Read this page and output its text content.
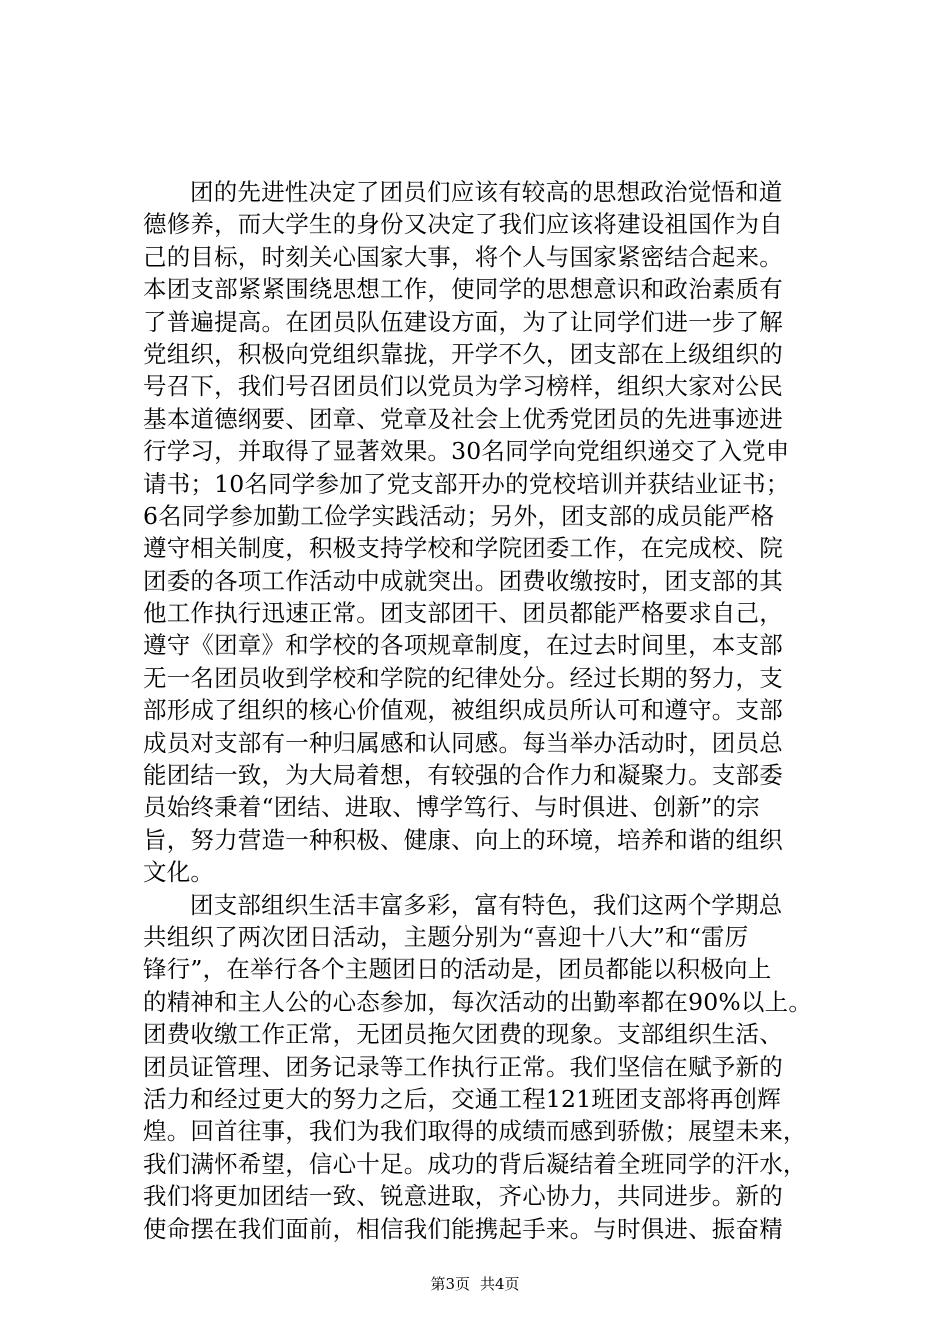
团的先进性决定了团员们应该有较高的思想政治觉悟和道
德修养，而大学生的身份又决定了我们应该将建设祖国作为自
己的目标，时刻关心国家大事，将个人与国家紧密结合起来。
本团支部紧紧围绕思想工作，使同学的思想意识和政治素质有
了普遍提高。在团员队伍建设方面，为了让同学们进一步了解
党组织，积极向党组织靠拢，开学不久，团支部在上级组织的
号召下，我们号召团员们以党员为学习榜样，组织大家对公民
基本道德纲要、团章、党章及社会上优秀党团员的先进事迹进
行学习，并取得了显著效果。30名同学向党组织递交了入党申
请书；10名同学参加了党支部开办的党校培训并获结业证书；
6名同学参加勤工俭学实践活动；另外，团支部的成员能严格
遵守相关制度，积极支持学校和学院团委工作，在完成校、院
团委的各项工作活动中成就突出。团费收缴按时，团支部的其
他工作执行迅速正常。团支部团干、团员都能严格要求自己，
遵守《团章》和学校的各项规章制度，在过去时间里，本支部
无一名团员收到学校和学院的纪律处分。经过长期的努力，支
部形成了组织的核心价值观，被组织成员所认可和遵守。支部
成员对支部有一种归属感和认同感。每当举办活动时，团员总
能团结一致，为大局着想，有较强的合作力和凝聚力。支部委
员始终秉着“团结、进取、博学笃行、与时俱进、创新”的宗
旨，努力营造一种积极、健康、向上的环境，培养和谐的组织
文化。
团支部组织生活丰富多彩，富有特色，我们这两个学期总
共组织了两次团日活动，主题分别为“喜迎十八大”和“雷厉
锋行”，在举行各个主题团日的活动是，团员都能以积极向上
的精神和主人公的心态参加，每次活动的出勤率都在90%以上。
团费收缴工作正常，无团员拖欠团费的现象。支部组织生活、
团员证管理、团务记录等工作执行正常。我们坚信在赋予新的
活力和经过更大的努力之后，交通工程121班团支部将再创辉
煌。回首往事，我们为我们取得的成绩而感到骄傲；展望未来，
我们满怀希望，信心十足。成功的背后凝结着全班同学的汗水，
我们将更加团结一致、锐意进取，齐心协力，共同进步。新的
使命摆在我们面前，相信我们能携起手来。与时俱进、振奋精
第3页 共4页
